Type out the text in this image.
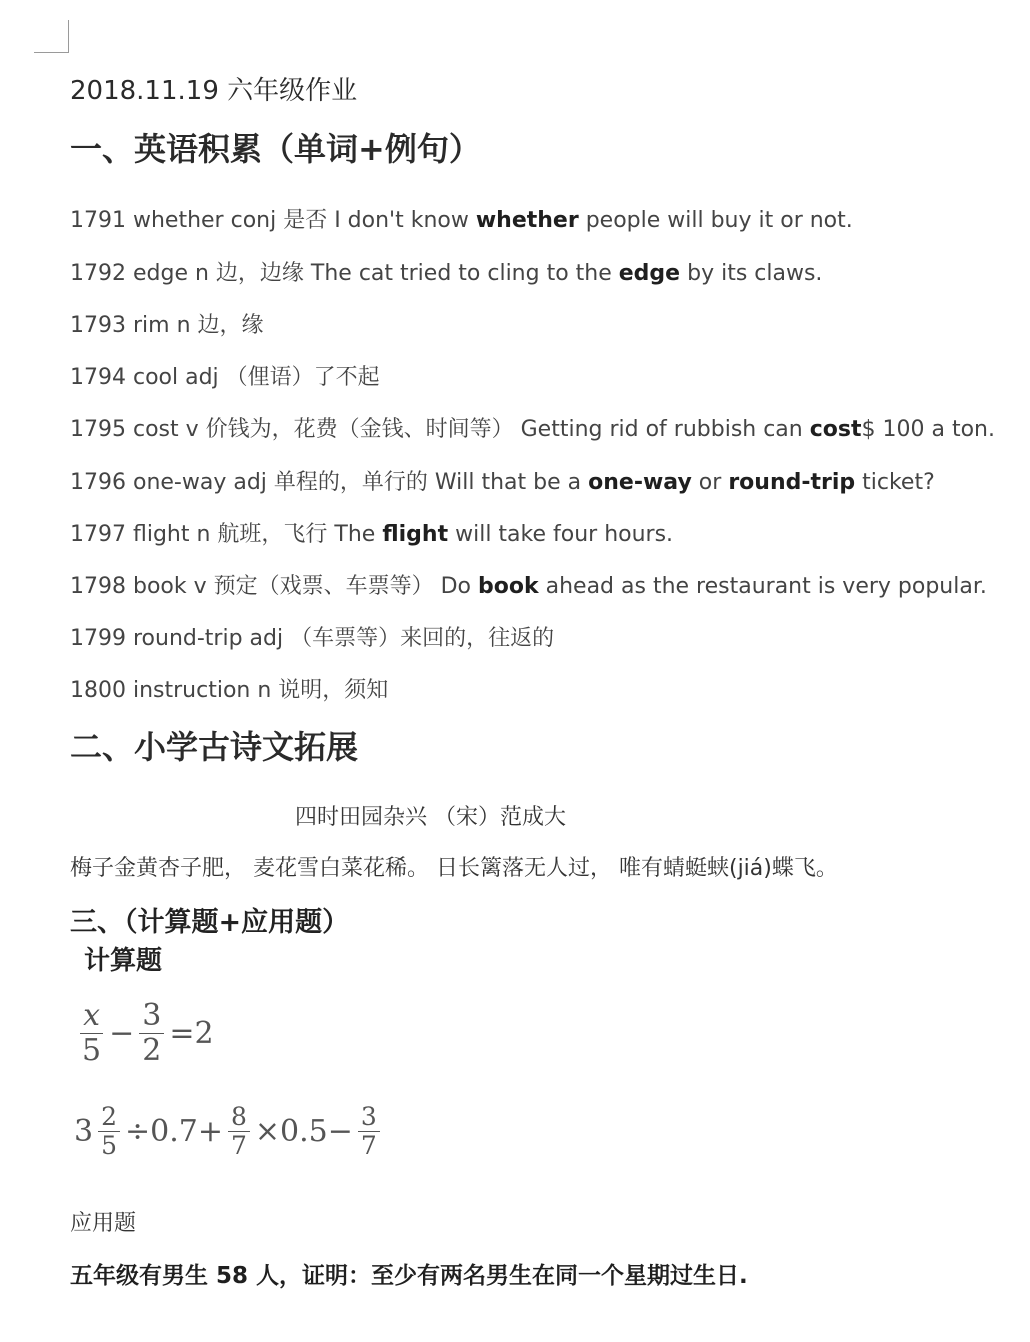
2018.11.19 六年级作业
一、英语积累（单词+例句）
1791 whether conj 是否 I don't know whether people will buy it or not.
1792 edge n 边，边缘 The cat tried to cling to the edge by its claws.
1793 rim n 边，缘
1794 cool adj （俚语）了不起
1795 cost v 价钱为，花费（金钱、时间等） Getting rid of rubbish can cost$ 100 a ton.
1796 one-way adj 单程的，单行的 Will that be a one-way or round-trip ticket?
1797 flight n 航班，飞行 The flight will take four hours.
1798 book v 预定（戏票、车票等） Do book ahead as the restaurant is very popular.
1799 round-trip adj （车票等）来回的，往返的
1800 instruction n 说明，须知
二、小学古诗文拓展
四时田园杂兴 （宋）范成大
梅子金黄杏子肥， 麦花雪白菜花稀。 日长篱落无人过， 唯有蜻蜓蛱(jiá)蝶飞。
三、（计算题+应用题）
计算题
$\frac{x}{5} - \frac{3}{2} =2$
$3 \frac{2}{5} \div 0.7+ \frac{8}{7} \times 0.5- \frac{3}{7}$
应用题
五年级有男生 58 人，证明：至少有两名男生在同一个星期过生日.
